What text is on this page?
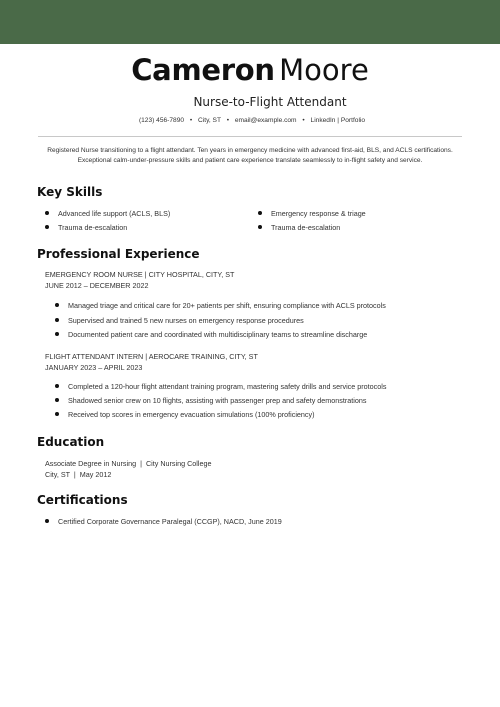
Cameron Moore
Nurse-to-Flight Attendant
(123) 456-7890 • City, ST • email@example.com • LinkedIn | Portfolio
Registered Nurse transitioning to a flight attendant. Ten years in emergency medicine with advanced first-aid, BLS, and ACLS certifications. Exceptional calm-under-pressure skills and patient care experience translate seamlessly to in-flight safety and service.
Key Skills
Advanced life support (ACLS, BLS)	Emergency response & triage
Trauma de-escalation	Trauma de-escalation
Professional Experience
EMERGENCY ROOM NURSE | CITY HOSPITAL, CITY, ST
JUNE 2012 – DECEMBER 2022
Managed triage and critical care for 20+ patients per shift, ensuring compliance with ACLS protocols
Supervised and trained 5 new nurses on emergency response procedures
Documented patient care and coordinated with multidisciplinary teams to streamline discharge
FLIGHT ATTENDANT INTERN | AEROCARE TRAINING, CITY, ST
JANUARY 2023 – APRIL 2023
Completed a 120-hour flight attendant training program, mastering safety drills and service protocols
Shadowed senior crew on 10 flights, assisting with passenger prep and safety demonstrations
Received top scores in emergency evacuation simulations (100% proficiency)
Education
Associate Degree in Nursing  |  City Nursing College
City, ST  |  May 2012
Certifications
Certified Corporate Governance Paralegal (CCGP), NACD, June 2019
